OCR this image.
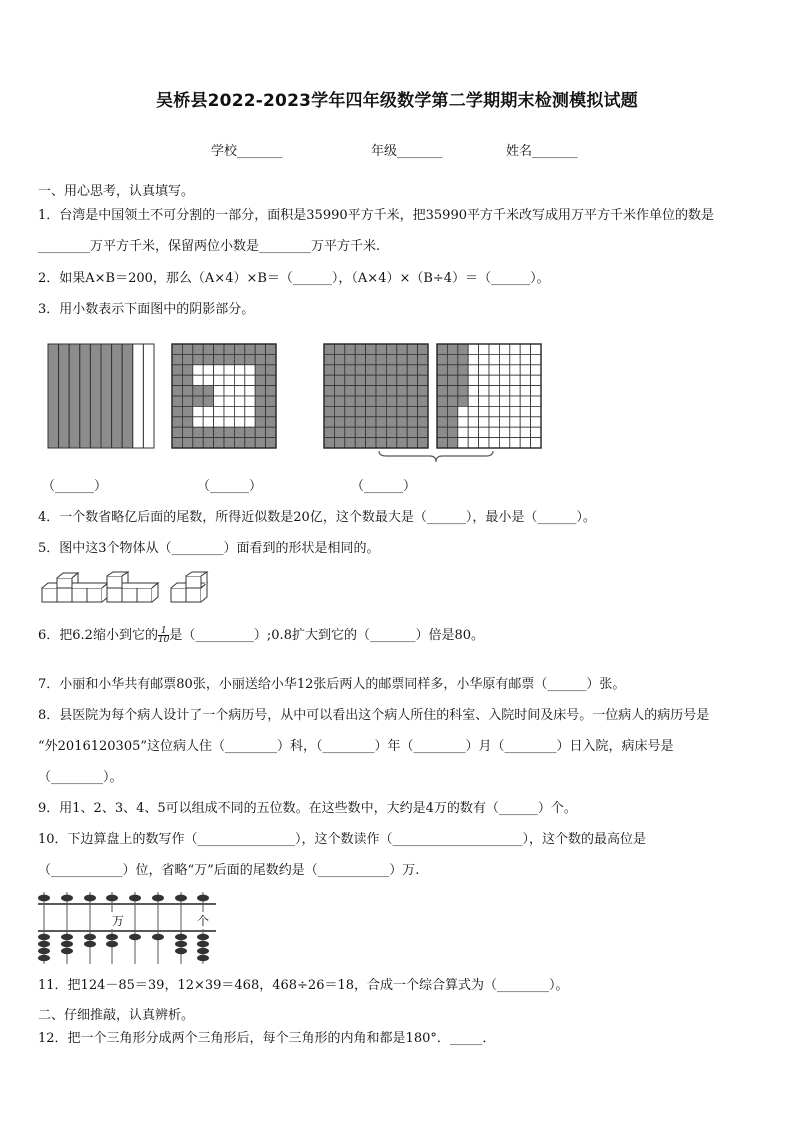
吴桥县2022-2023学年四年级数学第二学期期末检测模拟试题
学校_______	年级_______	姓名_______
一、用心思考，认真填写。
1．台湾是中国领土不可分割的一部分，面积是35990平方千米，把35990平方千米改写成用万平方千米作单位的数是
________万平方千米，保留两位小数是________万平方千米.
2．如果A×B＝200，那么（A×4）×B＝（______），（A×4）×（B÷4）＝（______）。
3．用小数表示下面图中的阴影部分。
（______）	（______）	（______）
4．一个数省略亿后面的尾数，所得近似数是20亿，这个数最大是（______），最小是（______）。
5．图中这3个物体从（________）面看到的形状是相同的。
6．把6.2缩小到它的 $\frac{1}{10}$ 是（_________）;0.8扩大到它的（_______）倍是80。
7．小丽和小华共有邮票80张，小丽送给小华12张后两人的邮票同样多，小华原有邮票（______）张。
8．县医院为每个病人设计了一个病历号，从中可以看出这个病人所住的科室、入院时间及床号。一位病人的病历号是
“外2016120305”这位病人住（________）科，（________）年（________）月（________）日入院，病床号是
（________）。
9．用1、2、3、4、5可以组成不同的五位数。在这些数中，大约是4万的数有（______）个。
10．下边算盘上的数写作（_______________），这个数读作（____________________），这个数的最高位是
（___________）位，省略“万”后面的尾数约是（___________）万.
万	个
11．把124－85＝39，12×39＝468，468÷26＝18，合成一个综合算式为（________）。
二、仔细推敲，认真辨析。
12．把一个三角形分成两个三角形后，每个三角形的内角和都是180°．_____．
